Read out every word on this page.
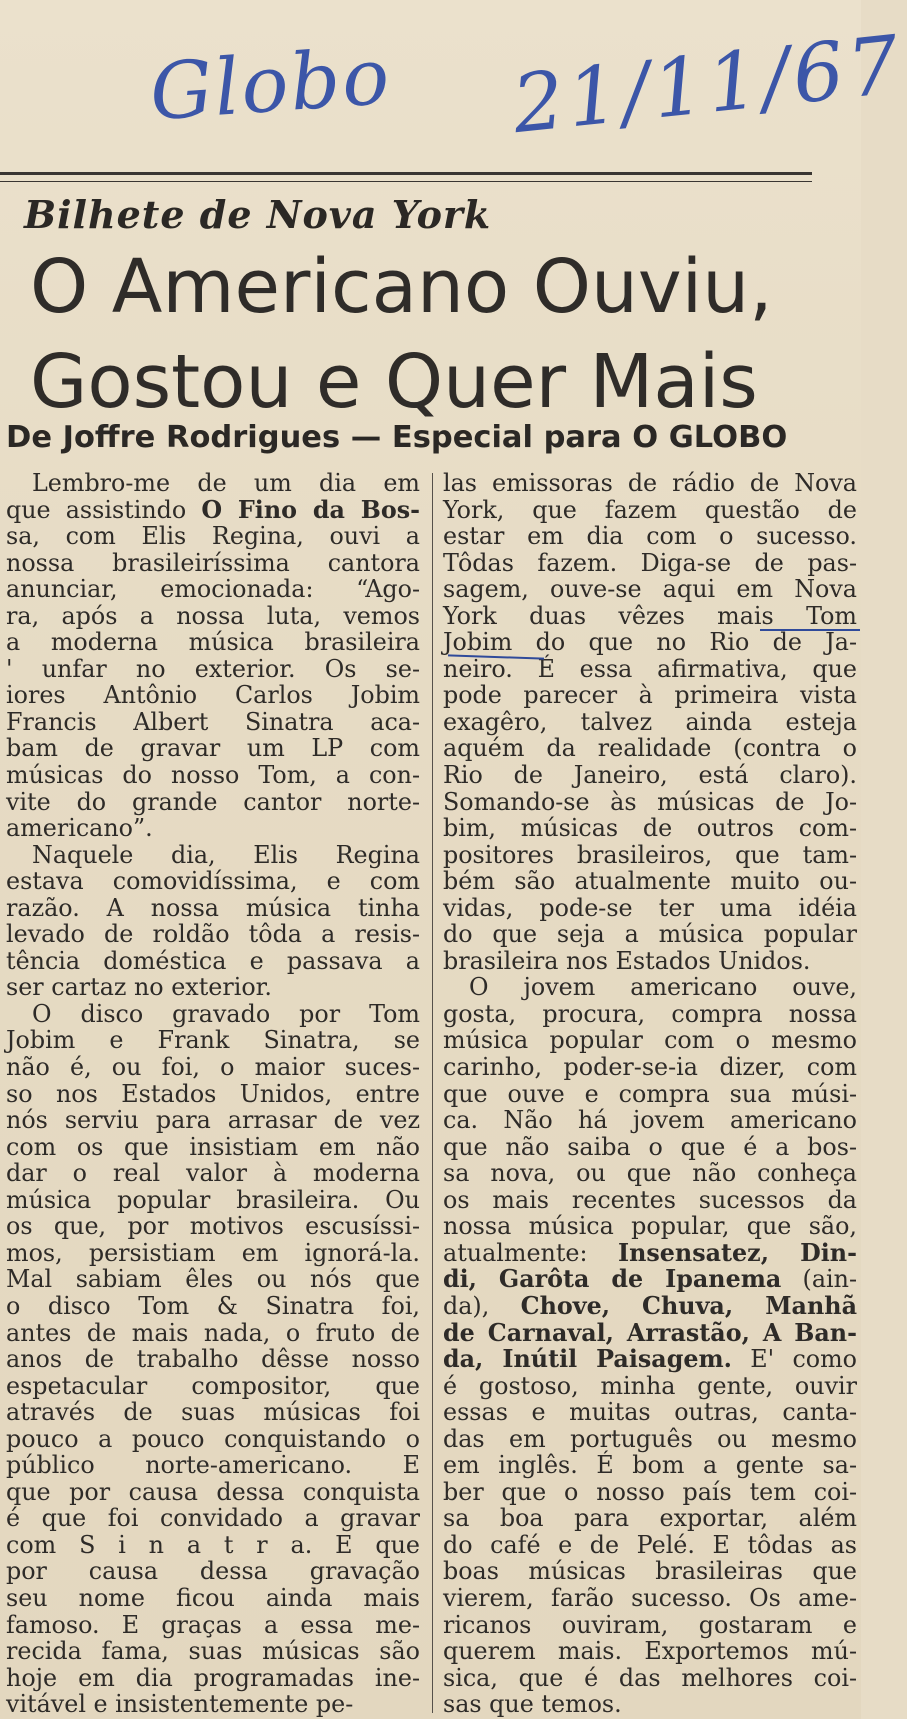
Globo 21/11/67
Bilhete de Nova York
O Americano Ouviu,
Gostou e Quer Mais
De Joffre Rodrigues — Especial para O GLOBO
Lembro-me de um dia em
que assistindo O Fino da Bos-
sa, com Elis Regina, ouvi a
nossa brasileiríssima cantora
anunciar, emocionada: “Ago-
ra, após a nossa luta, vemos
a moderna música brasileira
' unfar no exterior. Os se-
iores Antônio Carlos Jobim
Francis Albert Sinatra aca-
bam de gravar um LP com
músicas do nosso Tom, a con-
vite do grande cantor norte-
americano”.
Naquele dia, Elis Regina
estava comovidíssima, e com
razão. A nossa música tinha
levado de roldão tôda a resis-
tência doméstica e passava a
ser cartaz no exterior.
O disco gravado por Tom
Jobim e Frank Sinatra, se
não é, ou foi, o maior suces-
so nos Estados Unidos, entre
nós serviu para arrasar de vez
com os que insistiam em não
dar o real valor à moderna
música popular brasileira. Ou
os que, por motivos escusíssi-
mos, persistiam em ignorá-la.
Mal sabiam êles ou nós que
o disco Tom & Sinatra foi,
antes de mais nada, o fruto de
anos de trabalho dêsse nosso
espetacular compositor, que
através de suas músicas foi
pouco a pouco conquistando o
público norte-americano. E
que por causa dessa conquista
é que foi convidado a gravar
com S i n a t r a. E que
por causa dessa gravação
seu nome ficou ainda mais
famoso. E graças a essa me-
recida fama, suas músicas são
hoje em dia programadas ine-
vitável e insistentemente pe-
las emissoras de rádio de Nova
York, que fazem questão de
estar em dia com o sucesso.
Tôdas fazem. Diga-se de pas-
sagem, ouve-se aqui em Nova
York duas vêzes mais Tom
Jobim do que no Rio de Ja-
neiro. É essa afirmativa, que
pode parecer à primeira vista
exagêro, talvez ainda esteja
aquém da realidade (contra o
Rio de Janeiro, está claro).
Somando-se às músicas de Jo-
bim, músicas de outros com-
positores brasileiros, que tam-
bém são atualmente muito ou-
vidas, pode-se ter uma idéia
do que seja a música popular
brasileira nos Estados Unidos.
O jovem americano ouve,
gosta, procura, compra nossa
música popular com o mesmo
carinho, poder-se-ia dizer, com
que ouve e compra sua músi-
ca. Não há jovem americano
que não saiba o que é a bos-
sa nova, ou que não conheça
os mais recentes sucessos da
nossa música popular, que são,
atualmente: Insensatez, Din-
di, Garôta de Ipanema (ain-
da), Chove, Chuva, Manhã
de Carnaval, Arrastão, A Ban-
da, Inútil Paisagem. E' como
é gostoso, minha gente, ouvir
essas e muitas outras, canta-
das em português ou mesmo
em inglês. É bom a gente sa-
ber que o nosso país tem coi-
sa boa para exportar, além
do café e de Pelé. E tôdas as
boas músicas brasileiras que
vierem, farão sucesso. Os ame-
ricanos ouviram, gostaram e
querem mais. Exportemos mú-
sica, que é das melhores coi-
sas que temos.
